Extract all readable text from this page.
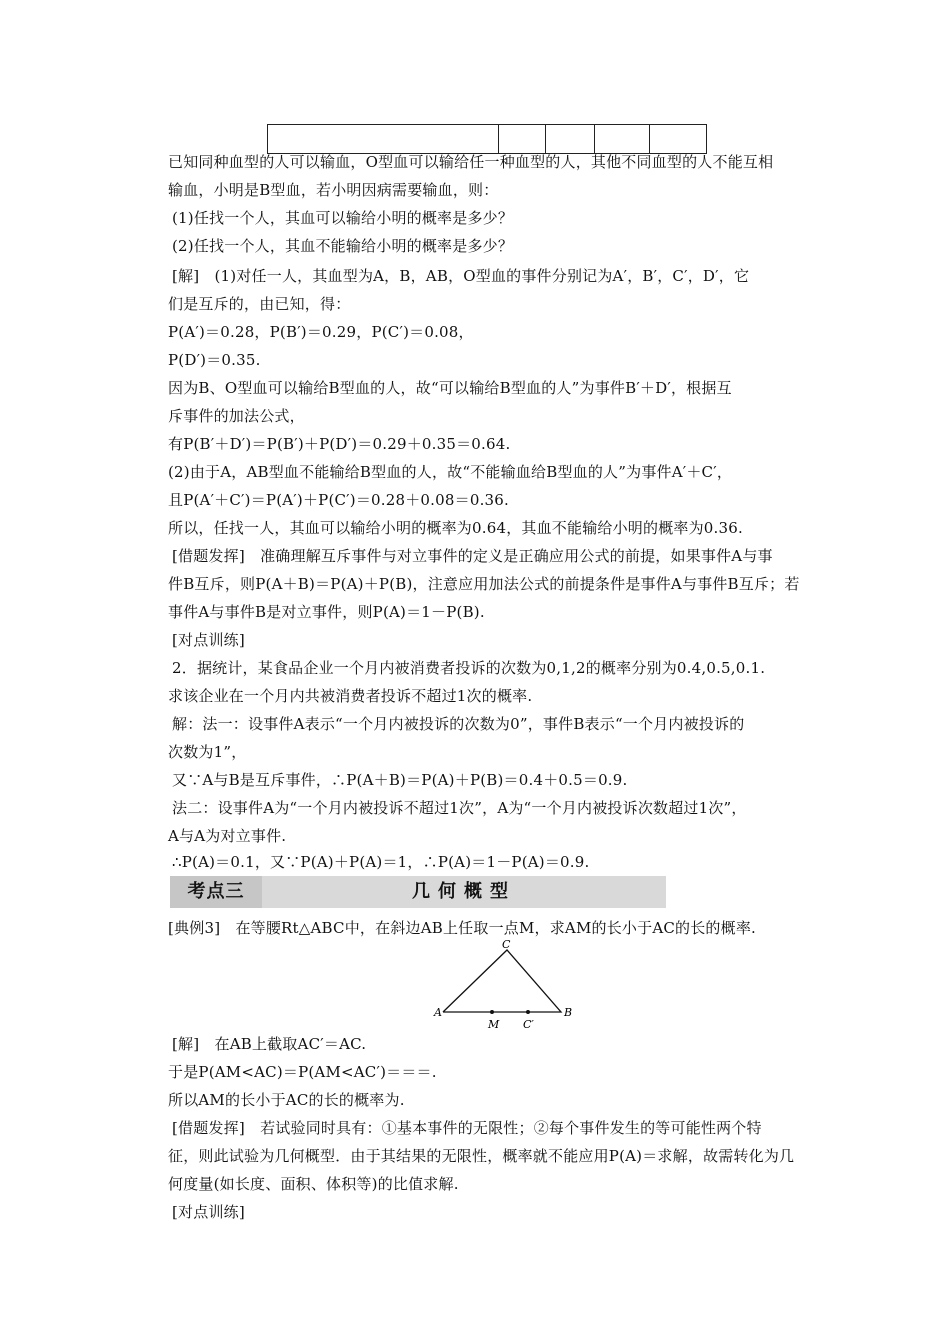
已知同种血型的人可以输血，O型血可以输给任一种血型的人，其他不同血型的人不能互相
输血，小明是B型血，若小明因病需要输血，则：
(1)任找一个人，其血可以输给小明的概率是多少？
(2)任找一个人，其血不能输给小明的概率是多少？
[解]　(1)对任一人，其血型为A，B，AB，O型血的事件分别记为A′，B′，C′，D′，它
们是互斥的，由已知，得：
P(A′)＝0.28，P(B′)＝0.29，P(C′)＝0.08，
P(D′)＝0.35.
因为B、O型血可以输给B型血的人，故“可以输给B型血的人”为事件B′＋D′，根据互
斥事件的加法公式，
有P(B′＋D′)＝P(B′)＋P(D′)＝0.29＋0.35＝0.64.
(2)由于A，AB型血不能输给B型血的人，故“不能输血给B型血的人”为事件A′＋C′，
且P(A′＋C′)＝P(A′)＋P(C′)＝0.28＋0.08＝0.36.
所以，任找一人，其血可以输给小明的概率为0.64，其血不能输给小明的概率为0.36.
[借题发挥]　准确理解互斥事件与对立事件的定义是正确应用公式的前提，如果事件A与事
件B互斥，则P(A＋B)＝P(A)＋P(B)，注意应用加法公式的前提条件是事件A与事件B互斥；若
事件A与事件B是对立事件，则P(A)＝1－P(B).
[对点训练]
2．据统计，某食品企业一个月内被消费者投诉的次数为0,1,2的概率分别为0.4,0.5,0.1.
求该企业在一个月内共被消费者投诉不超过1次的概率.
解：法一：设事件A表示“一个月内被投诉的次数为0”，事件B表示“一个月内被投诉的
次数为1”，
又∵A与B是互斥事件，∴P(A＋B)＝P(A)＋P(B)＝0.4＋0.5＝0.9.
法二：设事件A为“一个月内被投诉不超过1次”，A为“一个月内被投诉次数超过1次”，
A与A为对立事件.
∴P(A)＝0.1，又∵P(A)＋P(A)＝1，∴P(A)＝1－P(A)＝0.9.
考点三	几何概型
[典例3]　在等腰Rt△ABC中，在斜边AB上任取一点M，求AM的长小于AC的长的概率.
C
A
M C′
B
[解]　在AB上截取AC′＝AC.
于是P(AM<AC)＝P(AM<AC′)＝＝＝.
所以AM的长小于AC的长的概率为.
[借题发挥]　若试验同时具有：①基本事件的无限性；②每个事件发生的等可能性两个特
征，则此试验为几何概型．由于其结果的无限性，概率就不能应用P(A)＝求解，故需转化为几
何度量(如长度、面积、体积等)的比值求解.
[对点训练]
